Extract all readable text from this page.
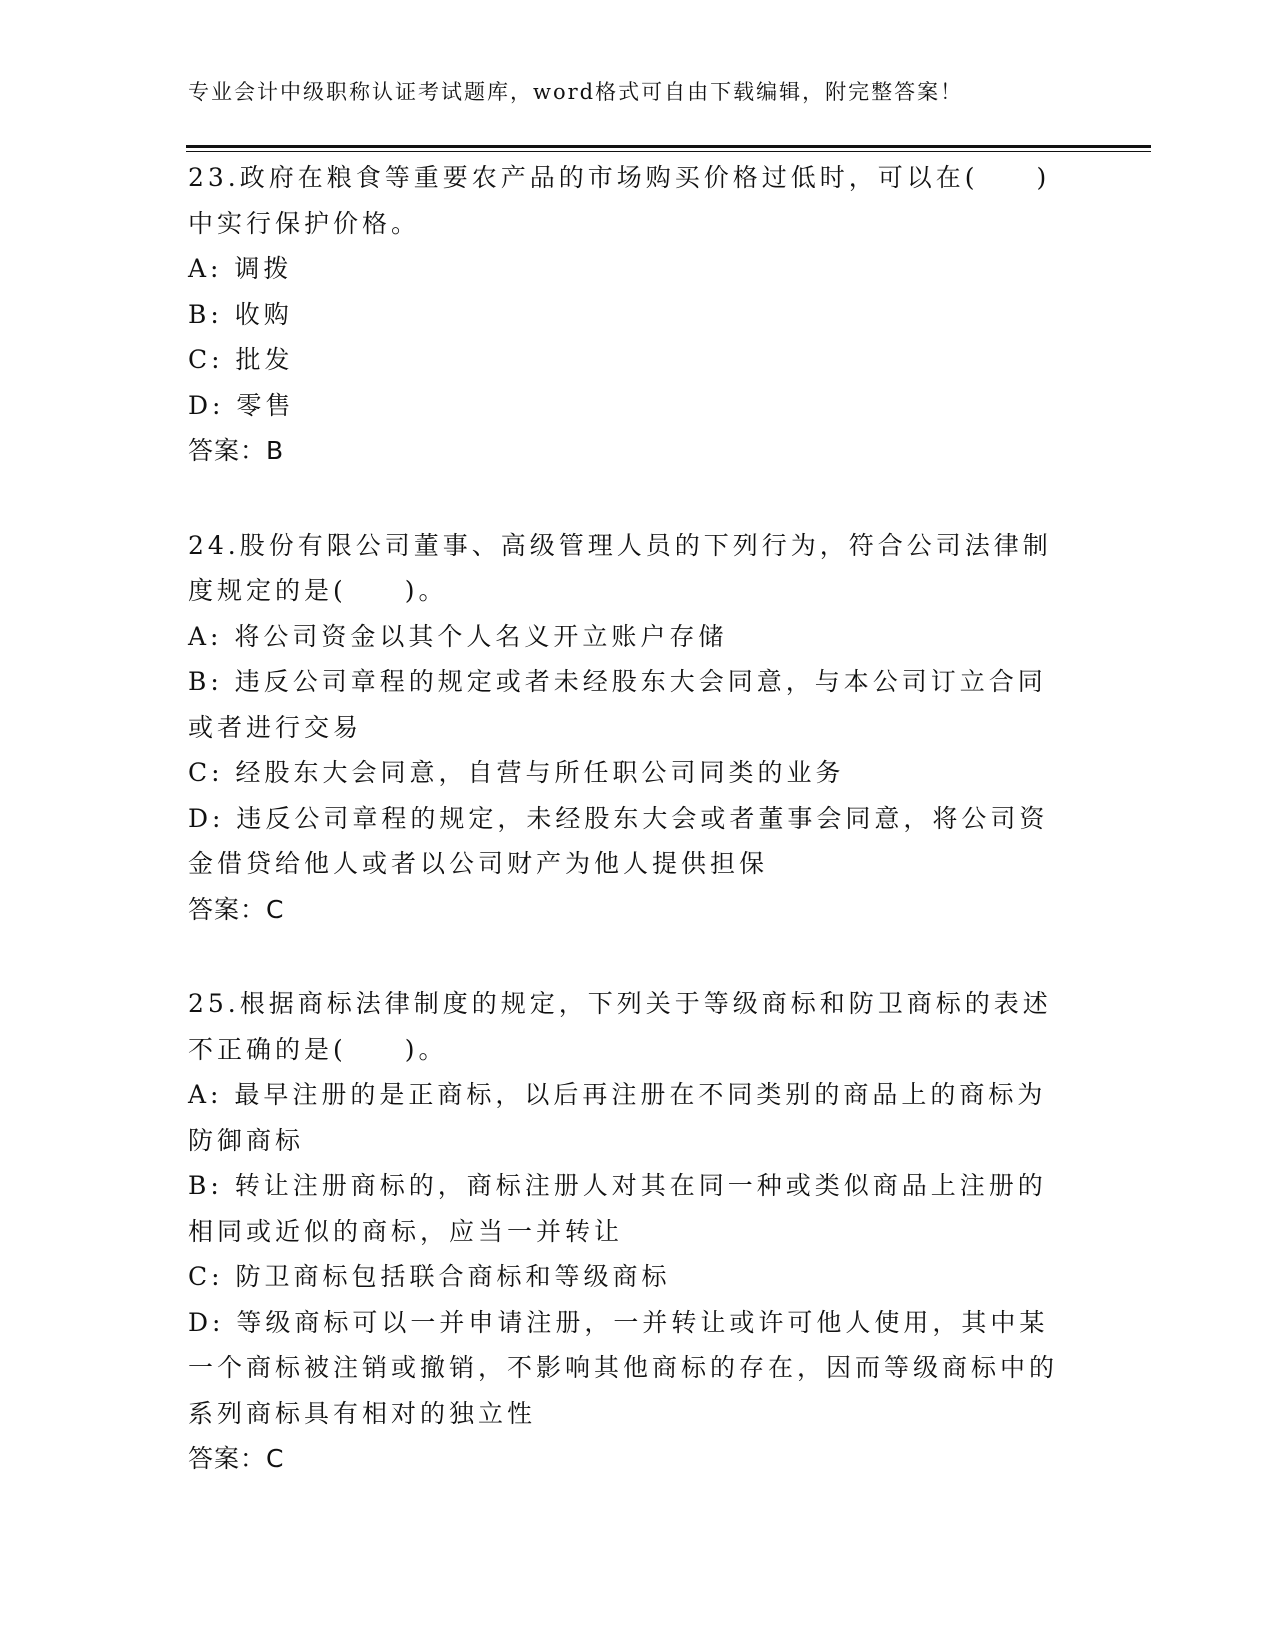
专业会计中级职称认证考试题库，word格式可自由下载编辑，附完整答案！

23.政府在粮食等重要农产品的市场购买价格过低时，可以在(　　)中实行保护价格。

A: 调拨

B: 收购

C: 批发

D: 零售

答案：B

24.股份有限公司董事、高级管理人员的下列行为，符合公司法律制度规定的是(　　)。

A: 将公司资金以其个人名义开立账户存储

B: 违反公司章程的规定或者未经股东大会同意，与本公司订立合同或者进行交易

C: 经股东大会同意，自营与所任职公司同类的业务

D: 违反公司章程的规定，未经股东大会或者董事会同意，将公司资金借贷给他人或者以公司财产为他人提供担保

答案：C

25.根据商标法律制度的规定，下列关于等级商标和防卫商标的表述不正确的是(　　)。

A: 最早注册的是正商标，以后再注册在不同类别的商品上的商标为防御商标

B: 转让注册商标的，商标注册人对其在同一种或类似商品上注册的相同或近似的商标，应当一并转让

C: 防卫商标包括联合商标和等级商标

D: 等级商标可以一并申请注册，一并转让或许可他人使用，其中某一个商标被注销或撤销，不影响其他商标的存在，因而等级商标中的系列商标具有相对的独立性

答案：C
